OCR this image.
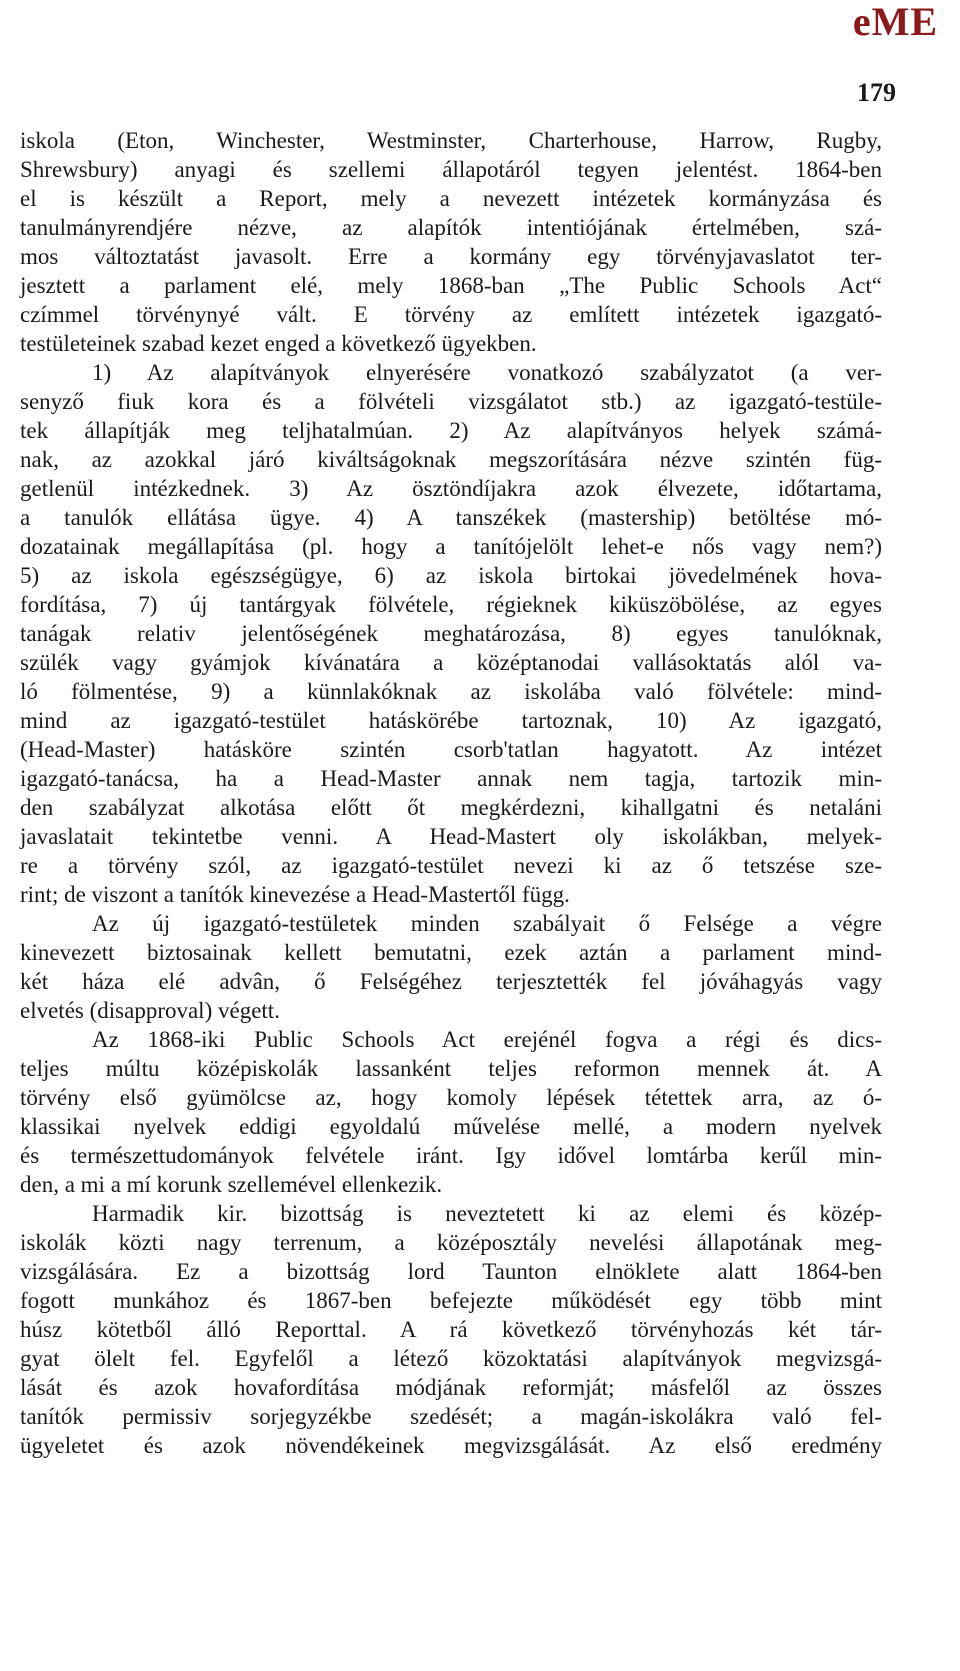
eME
179
iskola (Eton, Winchester, Westminster, Charterhouse, Harrow, Rugby,
Shrewsbury) anyagi és szellemi állapotáról tegyen jelentést. 1864-ben
el is készült a Report, mely a nevezett intézetek kormányzása és
tanulmányrendjére nézve, az alapítók intentiójának értelmében, szá-
mos változtatást javasolt. Erre a kormány egy törvényjavaslatot ter-
jesztett a parlament elé, mely 1868-ban „The Public Schools Act“
czímmel törvénynyé vált. E törvény az említett intézetek igazgató-
testületeinek szabad kezet enged a következő ügyekben.
1) Az alapítványok elnyerésére vonatkozó szabályzatot (a ver-
senyző fiuk kora és a fölvételi vizsgálatot stb.) az igazgató-testüle-
tek állapítják meg teljhatalmúan. 2) Az alapítványos helyek számá-
nak, az azokkal járó kiváltságoknak megszorítására nézve szintén füg-
getlenül intézkednek. 3) Az ösztöndíjakra azok élvezete, időtartama,
a tanulók ellátása ügye. 4) A tanszékek (mastership) betöltése mó-
dozatainak megállapítása (pl. hogy a tanítójelölt lehet-e nős vagy nem?)
5) az iskola egészségügye, 6) az iskola birtokai jövedelmének hova-
fordítása, 7) új tantárgyak fölvétele, régieknek kiküszöbölése, az egyes
tanágak relativ jelentőségének meghatározása, 8) egyes tanulóknak,
szülék vagy gyámjok kívánatára a középtanodai vallásoktatás alól va-
ló fölmentése, 9) a künnlakóknak az iskolába való fölvétele: mind-
mind az igazgató-testület hatáskörébe tartoznak, 10) Az igazgató,
(Head-Master) hatásköre szintén csorb'tatlan hagyatott. Az intézet
igazgató-tanácsa, ha a Head-Master annak nem tagja, tartozik min-
den szabályzat alkotása előtt őt megkérdezni, kihallgatni és netaláni
javaslatait tekintetbe venni. A Head-Mastert oly iskolákban, melyek-
re a törvény szól, az igazgató-testület nevezi ki az ő tetszése sze-
rint; de viszont a tanítók kinevezése a Head-Mastertől függ.
Az új igazgató-testületek minden szabályait ő Felsége a végre
kinevezett biztosainak kellett bemutatni, ezek aztán a parlament mind-
két háza elé advân, ő Felségéhez terjesztették fel jóváhagyás vagy
elvetés (disapproval) végett.
Az 1868-iki Public Schools Act erejénél fogva a régi és dics-
teljes múltu középiskolák lassanként teljes reformon mennek át. A
törvény első gyümölcse az, hogy komoly lépések tétettek arra, az ó-
klassikai nyelvek eddigi egyoldalú művelése mellé, a modern nyelvek
és természettudományok felvétele iránt. Igy idővel lomtárba kerűl min-
den, a mi a mí korunk szellemével ellenkezik.
Harmadik kir. bizottság is neveztetett ki az elemi és közép-
iskolák közti nagy terrenum, a középosztály nevelési állapotának meg-
vizsgálására. Ez a bizottság lord Taunton elnöklete alatt 1864-ben
fogott munkához és 1867-ben befejezte működését egy több mint
húsz kötetből álló Reporttal. A rá következő törvényhozás két tár-
gyat ölelt fel. Egyfelől a létező közoktatási alapítványok megvizsgá-
lását és azok hovafordítása módjának reformját; másfelől az összes
tanítók permissiv sorjegyzékbe szedését; a magán-iskolákra való fel-
ügyeletet és azok növendékeinek megvizsgálását. Az első eredmény
